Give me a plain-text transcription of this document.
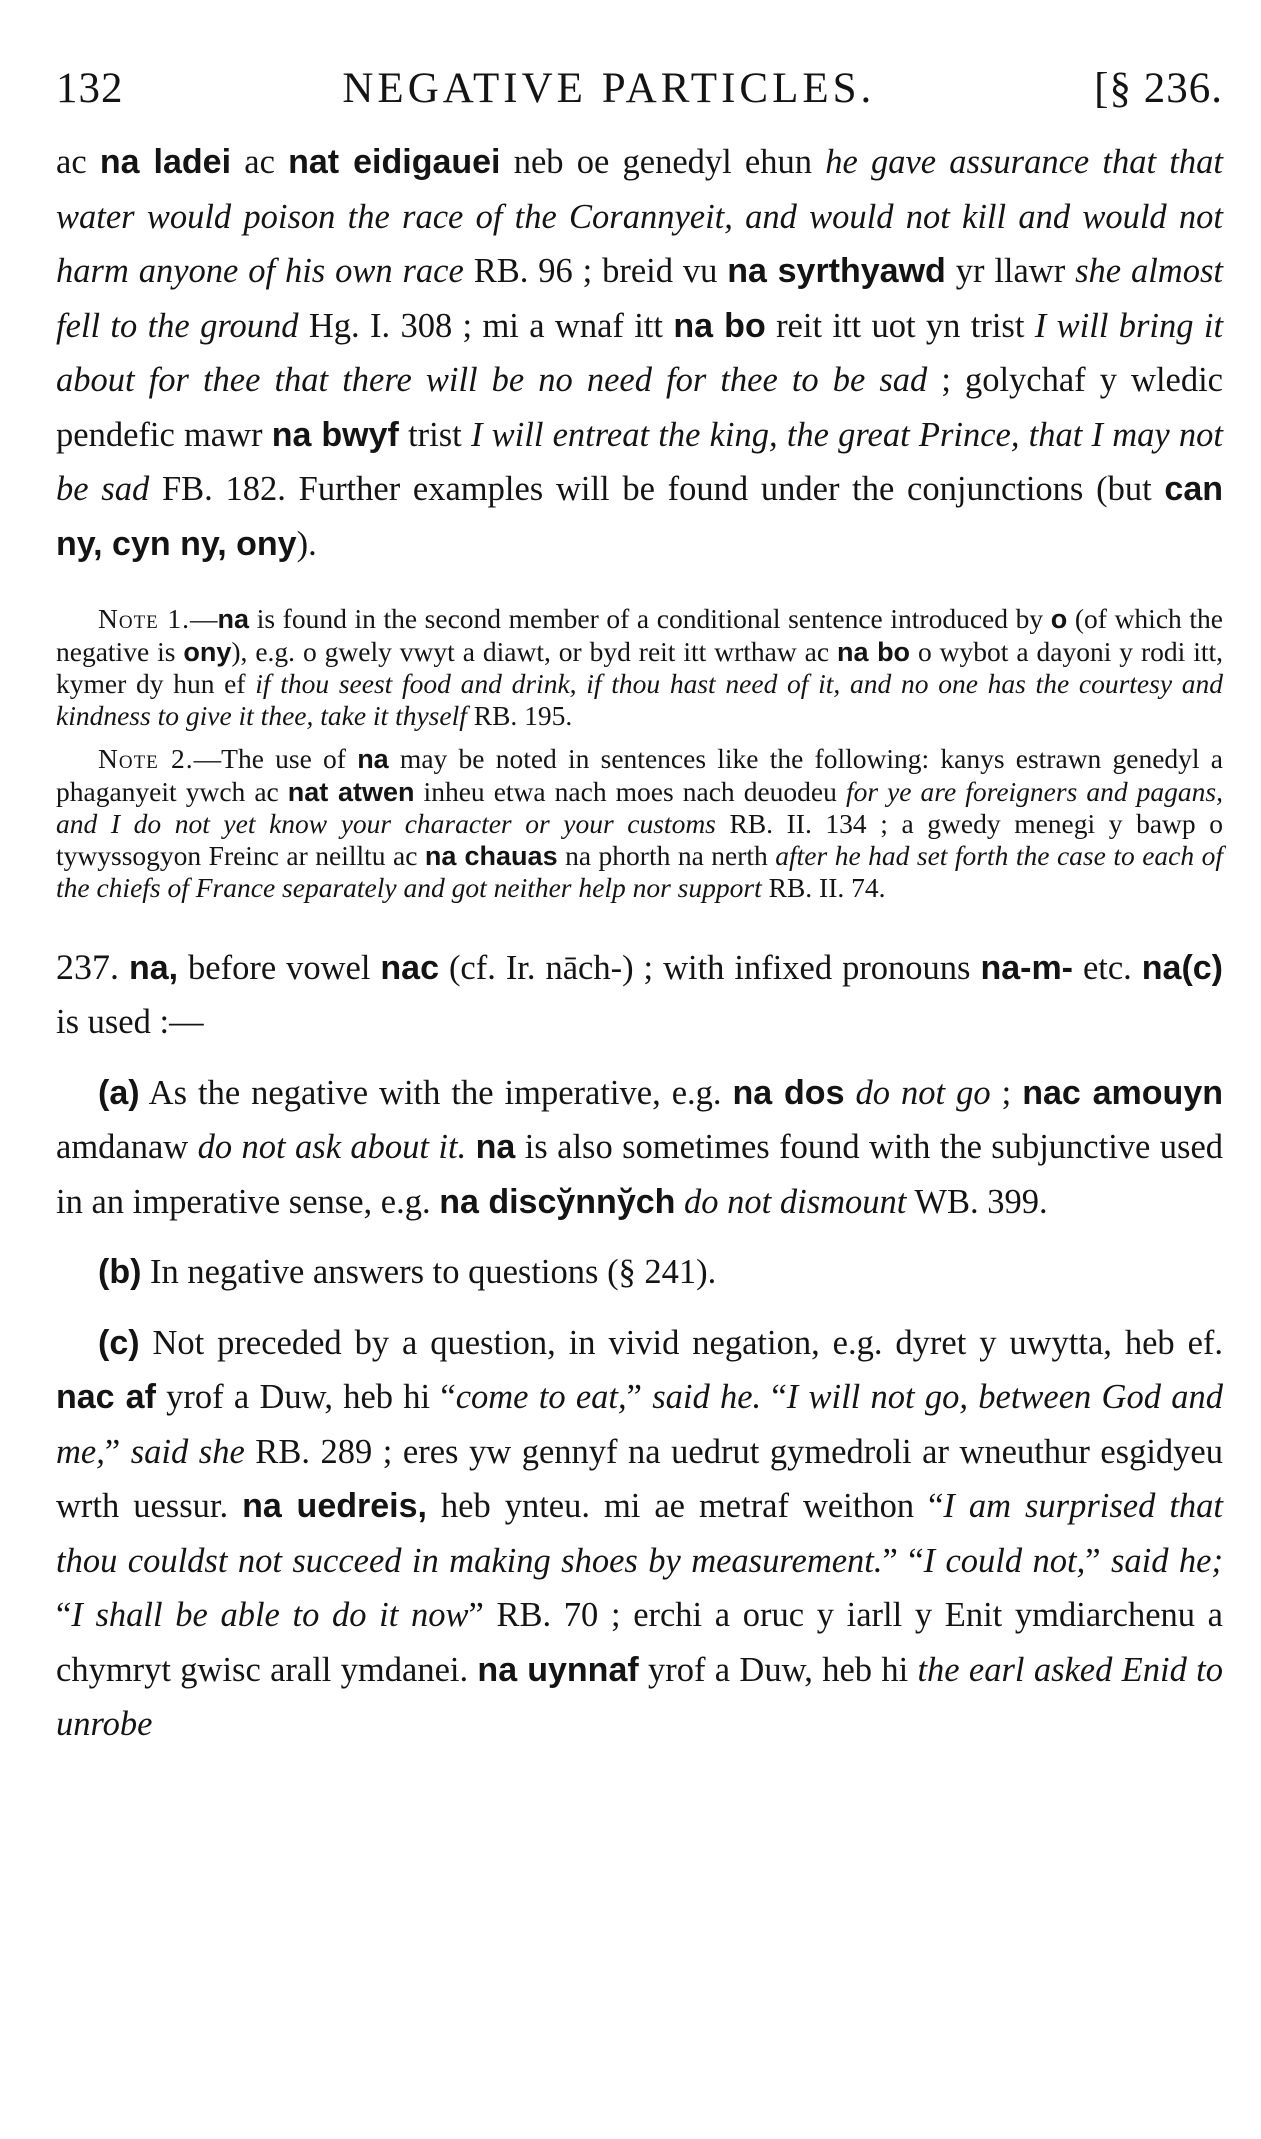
132	NEGATIVE PARTICLES.	[§ 236.

ac na ladei ac nat eidigauei neb oe genedyl ehun he gave assurance that that water would poison the race of the Corannyeit, and would not kill and would not harm anyone of his own race RB. 96 ; breid vu na syrthyawd yr llawr she almost fell to the ground Hg. I. 308 ; mi a wnaf itt na bo reit itt uot yn trist I will bring it about for thee that there will be no need for thee to be sad ; golychaf y wledic pendefic mawr na bwyf trist I will entreat the king, the great Prince, that I may not be sad FB. 182. Further examples will be found under the conjunctions (but can ny, cyn ny, ony).

Note 1.—na is found in the second member of a conditional sentence introduced by o (of which the negative is ony), e.g. o gwely vwyt a diawt, or byd reit itt wrthaw ac na bo o wybot a dayoni y rodi itt, kymer dy hun ef if thou seest food and drink, if thou hast need of it, and no one has the courtesy and kindness to give it thee, take it thyself RB. 195.

Note 2.—The use of na may be noted in sentences like the following: kanys estrawn genedyl a phaganyeit ywch ac nat atwen inheu etwa nach moes nach deuodeu for ye are foreigners and pagans, and I do not yet know your character or your customs RB. II. 134 ; a gwedy menegi y bawp o tywyssogyon Freinc ar neilltu ac na chauas na phorth na nerth after he had set forth the case to each of the chiefs of France separately and got neither help nor support RB. II. 74.

237. na, before vowel nac (cf. Ir. nāch-) ; with infixed pronouns na-m- etc. na(c) is used :—

(a) As the negative with the imperative, e.g. na dos do not go ; nac amouyn amdanaw do not ask about it. na is also sometimes found with the subjunctive used in an imperative sense, e.g. na discy̆nny̆ch do not dismount WB. 399.

(b) In negative answers to questions (§ 241).

(c) Not preceded by a question, in vivid negation, e.g. dyret y uwytta, heb ef. nac af yrof a Duw, heb hi “come to eat,” said he. “I will not go, between God and me,” said she RB. 289 ; eres yw gennyf na uedrut gymedroli ar wneuthur esgidyeu wrth uessur. na uedreis, heb ynteu. mi ae metraf weithon “I am surprised that thou couldst not succeed in making shoes by measurement.” “I could not,” said he; “I shall be able to do it now” RB. 70 ; erchi a oruc y iarll y Enit ymdiarchenu a chymryt gwisc arall ymdanei. na uynnaf yrof a Duw, heb hi the earl asked Enid to unrobe
